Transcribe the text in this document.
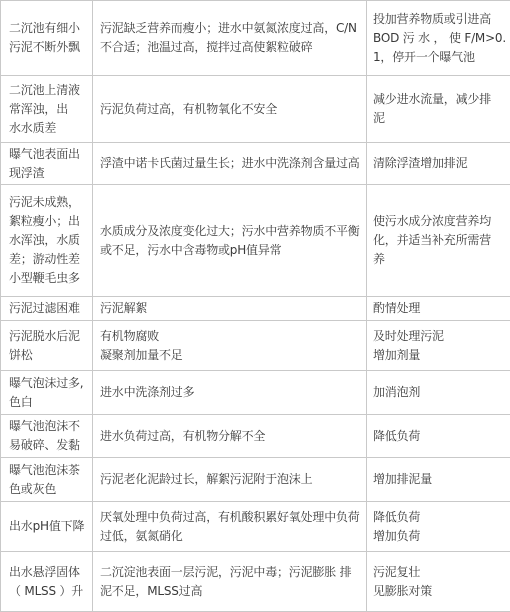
二沉池有细小
污泥不断外飘	污泥缺乏营养而瘦小；进水中氨氮浓度过高，C/N
不合适；池温过高，搅拌过高使絮粒破碎	投加营养物质或引进高
BOD 污 水 ， 使 F/M>0.
1，停开一个曝气池

二沉池上清液
常浑浊，出
水水质差	污泥负荷过高，有机物氧化不安全	减少进水流量，减少排
泥

曝气池表面出
现浮渣	浮渣中诺卡氏菌过量生长；进水中洗涤剂含量过高	清除浮渣增加排泥

污泥未成熟，
絮粒瘦小；出
水浑浊，水质
差；游动性差
小型鞭毛虫多	水质成分及浓度变化过大；污水中营养物质不平衡
或不足，污水中含毒物或pH值异常	使污水成分浓度营养均
化，并适当补充所需营
养

污泥过滤困难	污泥解絮	酌情处理

污泥脱水后泥
饼松	有机物腐败
凝聚剂加量不足	及时处理污泥
增加剂量

曝气泡沫过多,
色白	进水中洗涤剂过多	加消泡剂

曝气池泡沫不
易破碎、发黏	进水负荷过高，有机物分解不全	降低负荷

曝气池泡沫茶
色或灰色	污泥老化泥龄过长，解絮污泥附于泡沫上	增加排泥量

出水pH值下降	厌氧处理中负荷过高，有机酸积累好氧处理中负荷
过低，氨氮硝化	降低负荷
增加负荷

出水悬浮固体
（ MLSS ）升	二沉淀池表面一层污泥，污泥中毒；污泥膨胀 排
泥不足，MLSS过高	污泥复壮
见膨胀对策
